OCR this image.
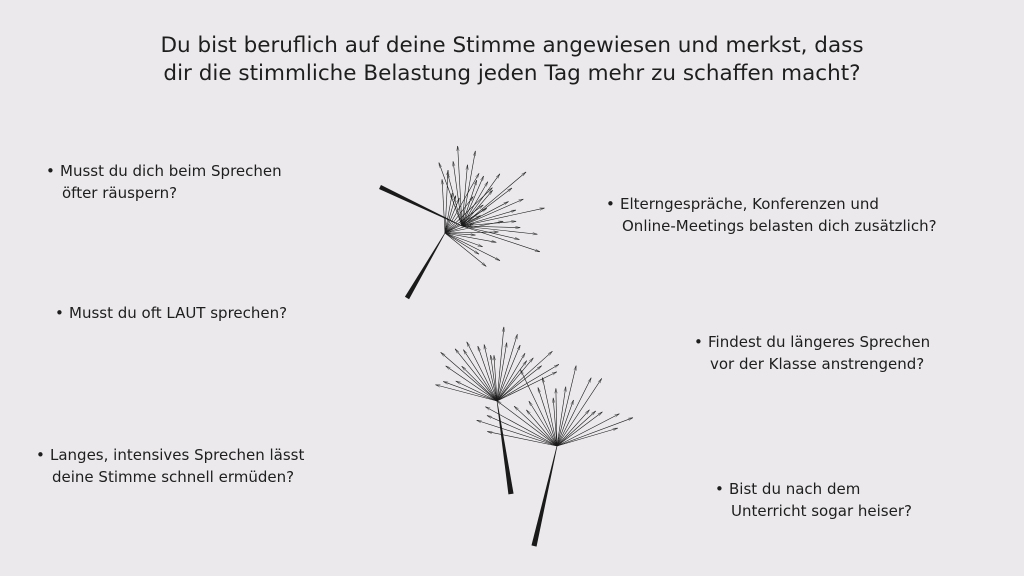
Du bist beruflich auf deine Stimme angewiesen und merkst, dass
dir die stimmliche Belastung jeden Tag mehr zu schaffen macht?
• Musst du dich beim Sprechen
öfter räuspern?
• Musst du oft LAUT sprechen?
• Langes, intensives Sprechen lässt
deine Stimme schnell ermüden?
• Elterngespräche, Konferenzen und
Online-Meetings belasten dich zusätzlich?
• Findest du längeres Sprechen
vor der Klasse anstrengend?
• Bist du nach dem
Unterricht sogar heiser?
